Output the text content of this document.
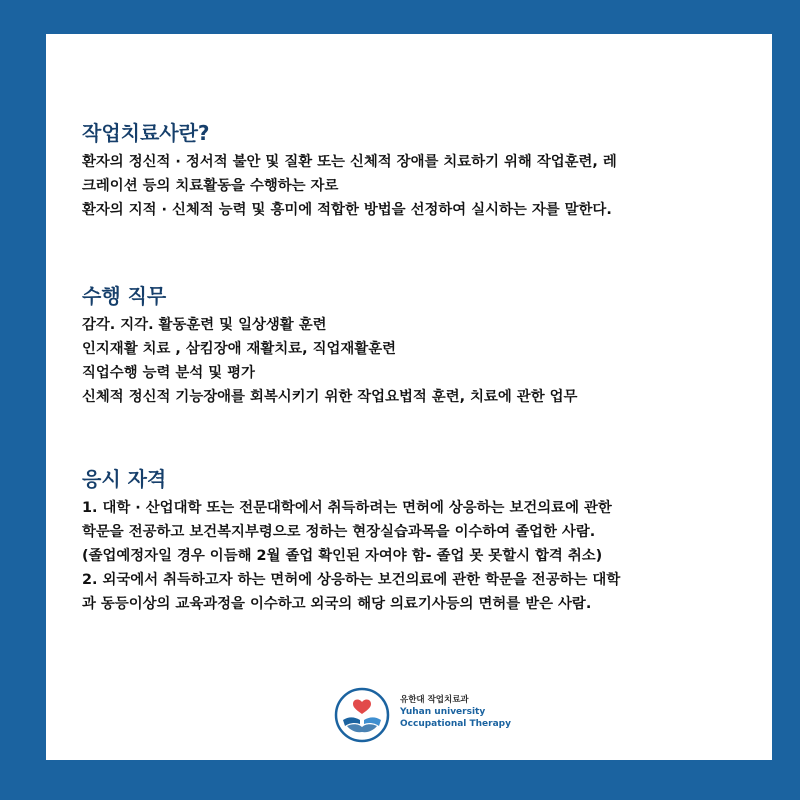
작업치료사란?
환자의 정신적 · 정서적 불안 및 질환 또는 신체적 장애를 치료하기 위해 작업훈련, 레
크레이션 등의 치료활동을 수행하는 자로
환자의 지적 · 신체적 능력 및 흥미에 적합한 방법을 선정하여 실시하는 자를 말한다.
수행 직무
감각. 지각. 활동훈련 및 일상생활 훈련
인지재활 치료 , 삼킴장애 재활치료, 직업재활훈련
직업수행 능력 분석 및 평가
신체적 정신적 기능장애를 회복시키기 위한 작업요법적 훈련, 치료에 관한 업무
응시 자격
1. 대학 · 산업대학 또는 전문대학에서 취득하려는 면허에 상응하는 보건의료에 관한
학문을 전공하고 보건복지부령으로 정하는 현장실습과목을 이수하여 졸업한 사람.
(졸업예정자일 경우 이듬해 2월 졸업 확인된 자여야 함- 졸업 못 못할시 합격 취소)
2. 외국에서 취득하고자 하는 면허에 상응하는 보건의료에 관한 학문을 전공하는 대학
과 동등이상의 교육과정을 이수하고 외국의 해당 의료기사등의 면허를 받은 사람.
유한대 작업치료과
Yuhan university
Occupational Therapy
